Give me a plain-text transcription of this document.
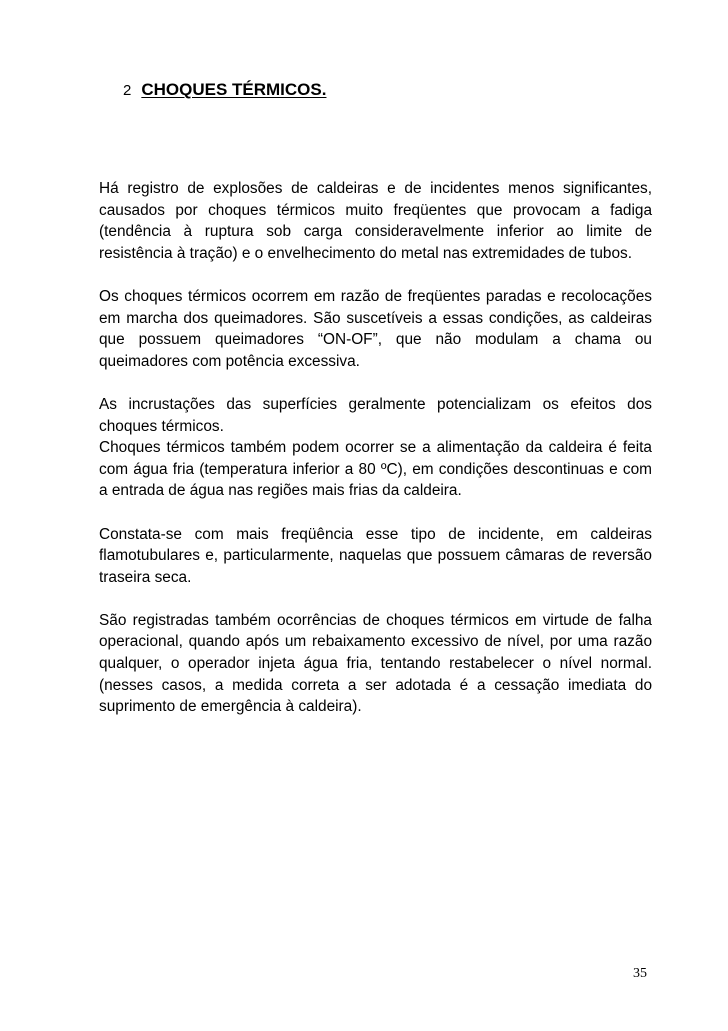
2 CHOQUES TÉRMICOS.

Há registro de explosões de caldeiras e de incidentes menos significantes, causados por choques térmicos muito freqüentes que provocam a fadiga (tendência à ruptura sob carga consideravelmente inferior ao limite de resistência à tração) e o envelhecimento do metal nas extremidades de tubos.

Os choques térmicos ocorrem em razão de freqüentes paradas e recolocações em marcha dos queimadores. São suscetíveis a essas condições, as caldeiras que possuem queimadores “ON-OF”, que não modulam a chama ou queimadores com potência excessiva.

As incrustações das superfícies geralmente potencializam os efeitos dos choques térmicos.

Choques térmicos também podem ocorrer se a alimentação da caldeira é feita com água fria (temperatura inferior a 80 ºC), em condições descontinuas e com a entrada de água nas regiões mais frias da caldeira.

Constata-se com mais freqüência esse tipo de incidente, em caldeiras flamotubulares e, particularmente, naquelas que possuem câmaras de reversão traseira seca.

São registradas também ocorrências de choques térmicos em virtude de falha operacional, quando após um rebaixamento excessivo de nível, por uma razão qualquer, o operador injeta água fria, tentando restabelecer o nível normal. (nesses casos, a medida correta a ser adotada é a cessação imediata do suprimento de emergência à caldeira).

35
